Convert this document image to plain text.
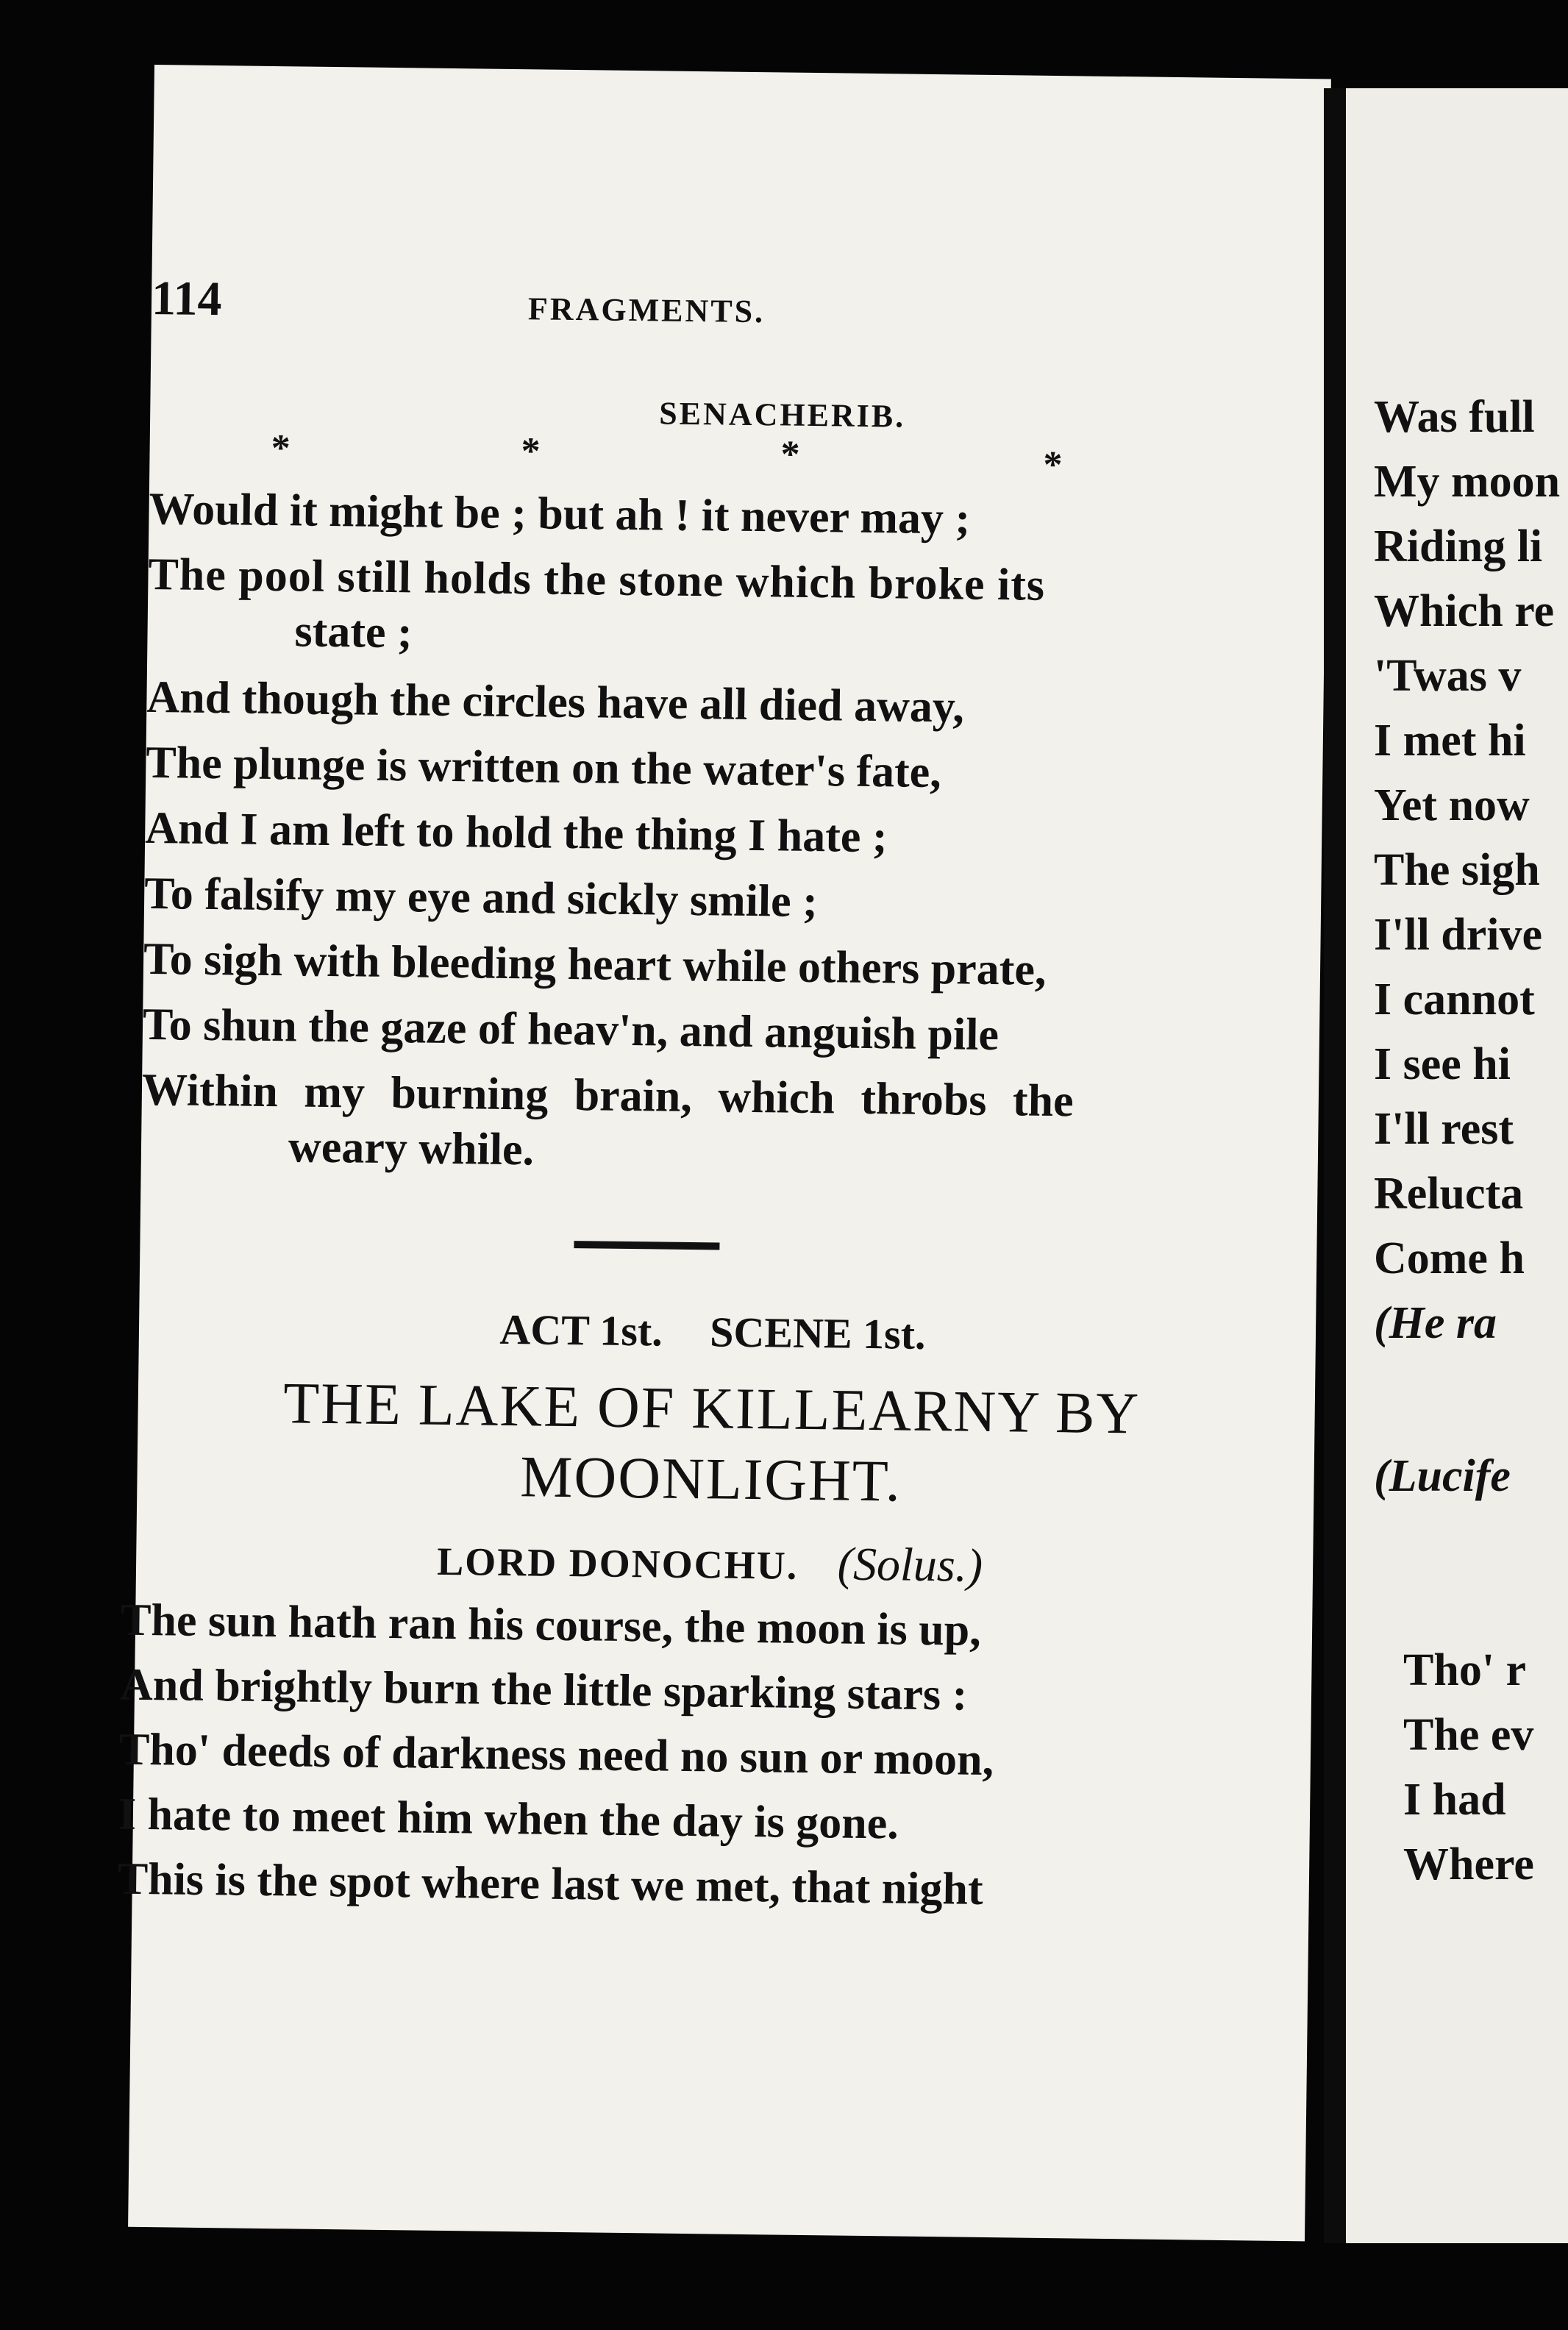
114	FRAGMENTS.
SENACHERIB.
*	*	*	*
Would it might be ; but ah ! it never may ;
The pool still holds the stone which broke its
state ;
And though the circles have all died away,
The plunge is written on the water's fate,
And I am left to hold the thing I hate ;
To falsify my eye and sickly smile ;
To sigh with bleeding heart while others prate,
To shun the gaze of heav'n, and anguish pile
Within my burning brain, which throbs the
weary while.
ACT 1st. SCENE 1st.
THE LAKE OF KILLEARNY BY
MOONLIGHT.
LORD DONOCHU. (Solus.)
The sun hath ran his course, the moon is up,
And brightly burn the little sparking stars :
Tho' deeds of darkness need no sun or moon,
I hate to meet him when the day is gone.
This is the spot where last we met, that night
Was full
My moon
Riding li
Which re
'Twas v
I met hi
Yet now
The sigh
I'll drive
I cannot
I see hi
I'll rest
Relucta
Come h
(He ra
(Lucife
Tho' r
The ev
I had
Where
